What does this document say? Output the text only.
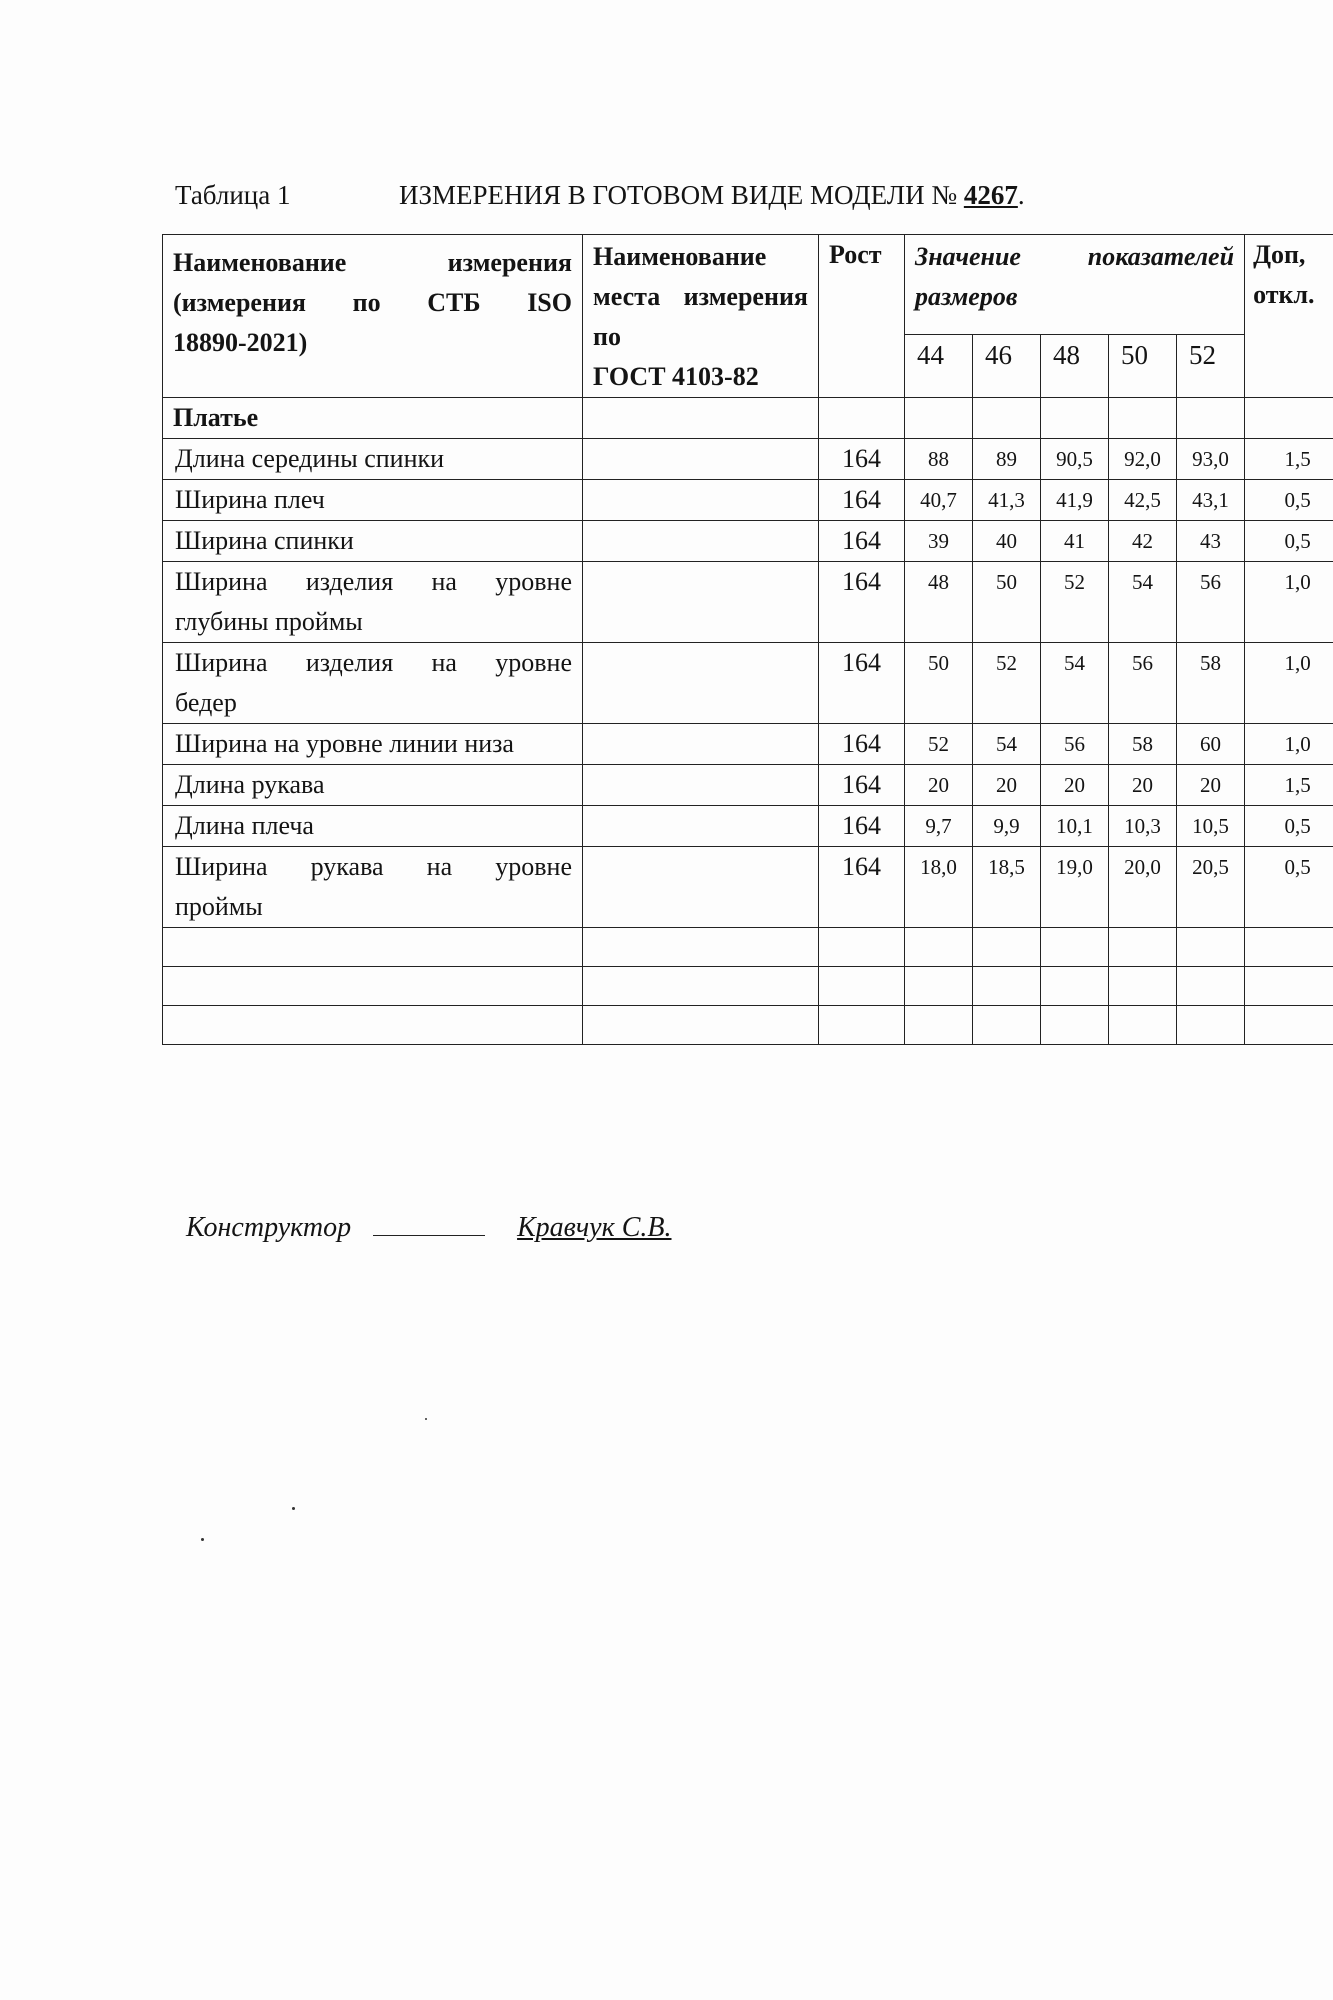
Таблица 1	ИЗМЕРЕНИЯ В ГОТОВОМ ВИДЕ МОДЕЛИ № 4267.
Наименование измерения (измерения по СТБ ISO
18890-2021)	Наименование места измерения по
ГОСТ 4103-82	Рост	Значение показателей размеров					Доп, откл.
			44	46	48	50	52	
Платье								
Длина середины спинки		164	88	89	90,5	92,0	93,0	1,5
Ширина плеч		164	40,7	41,3	41,9	42,5	43,1	0,5
Ширина спинки		164	39	40	41	42	43	0,5
Ширина изделия на уровне
глубины проймы		164	48	50	52	54	56	1,0
Ширина изделия на уровне
бедер		164	50	52	54	56	58	1,0
Ширина на уровне линии низа		164	52	54	56	58	60	1,0
Длина рукава		164	20	20	20	20	20	1,5
Длина плеча		164	9,7	9,9	10,1	10,3	10,5	0,5
Ширина рукава на уровне
проймы		164	18,0	18,5	19,0	20,0	20,5	0,5

Конструктор	Кравчук С.В.
